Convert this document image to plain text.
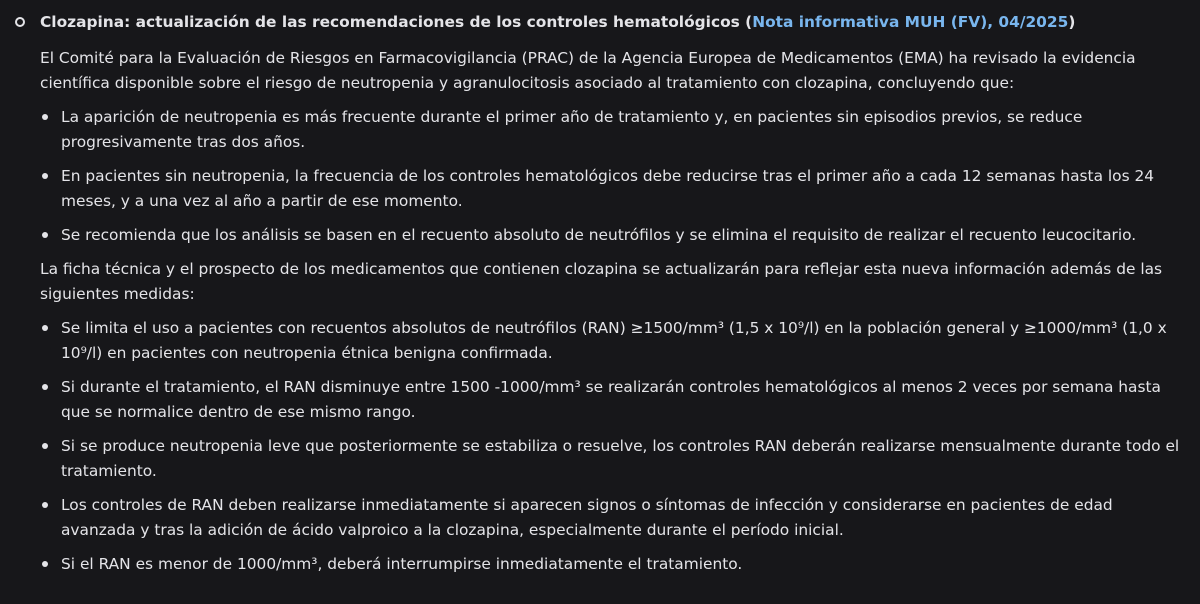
Clozapina: actualización de las recomendaciones de los controles hematológicos (Nota informativa MUH (FV), 04/2025)

El Comité para la Evaluación de Riesgos en Farmacovigilancia (PRAC) de la Agencia Europea de Medicamentos (EMA) ha revisado la evidencia científica disponible sobre el riesgo de neutropenia y agranulocitosis asociado al tratamiento con clozapina, concluyendo que:

La aparición de neutropenia es más frecuente durante el primer año de tratamiento y, en pacientes sin episodios previos, se reduce progresivamente tras dos años.
En pacientes sin neutropenia, la frecuencia de los controles hematológicos debe reducirse tras el primer año a cada 12 semanas hasta los 24 meses, y a una vez al año a partir de ese momento.
Se recomienda que los análisis se basen en el recuento absoluto de neutrófilos y se elimina el requisito de realizar el recuento leucocitario.

La ficha técnica y el prospecto de los medicamentos que contienen clozapina se actualizarán para reflejar esta nueva información además de las siguientes medidas:

Se limita el uso a pacientes con recuentos absolutos de neutrófilos (RAN) ≥1500/mm³ (1,5 x 10⁹/l) en la población general y ≥1000/mm³ (1,0 x 10⁹/l) en pacientes con neutropenia étnica benigna confirmada.
Si durante el tratamiento, el RAN disminuye entre 1500 -1000/mm³ se realizarán controles hematológicos al menos 2 veces por semana hasta que se normalice dentro de ese mismo rango.
Si se produce neutropenia leve que posteriormente se estabiliza o resuelve, los controles RAN deberán realizarse mensualmente durante todo el tratamiento.
Los controles de RAN deben realizarse inmediatamente si aparecen signos o síntomas de infección y considerarse en pacientes de edad avanzada y tras la adición de ácido valproico a la clozapina, especialmente durante el período inicial.
Si el RAN es menor de 1000/mm³, deberá interrumpirse inmediatamente el tratamiento.
